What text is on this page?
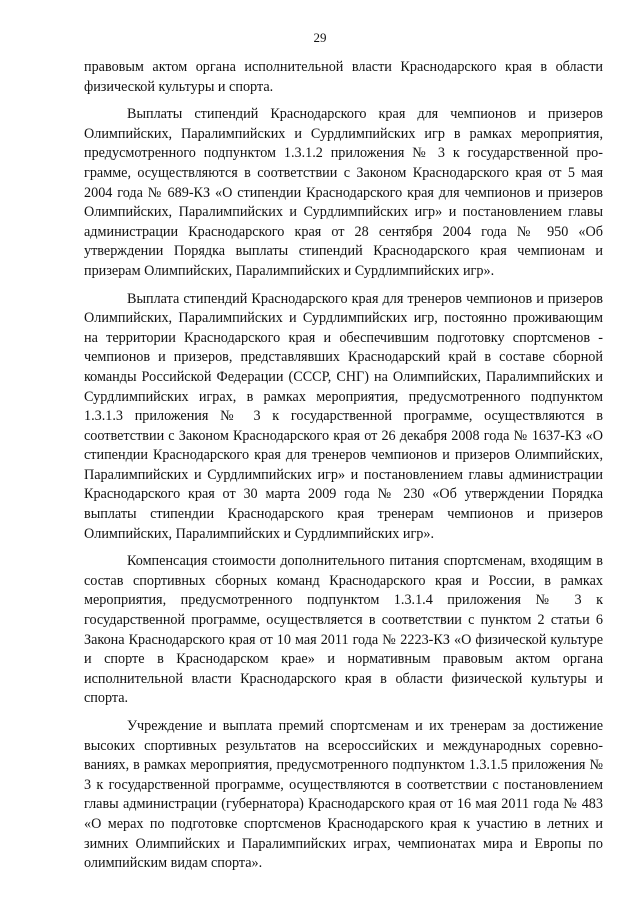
29

правовым актом органа исполнительной власти Краснодарского края в области физической культуры и спорта.

Выплаты стипендий Краснодарского края для чемпионов и призеров Олимпийских, Паралимпийских и Сурдлимпийских игр в рамках мероприятия, предусмотренного подпунктом 1.3.1.2 приложения № 3 к государственной программе, осуществляются в соответствии с Законом Краснодарского края от 5 мая 2004 года № 689-КЗ «О стипендии Краснодарского края для чемпионов и призеров Олимпийских, Паралимпийских и Сурдлимпийских игр» и постановлением главы администрации Краснодарского края от 28 сентября 2004 года № 950 «Об утверждении Порядка выплаты стипендий Краснодарского края чемпионам и призерам Олимпийских, Паралимпийских и Сурдлимпийских игр».

Выплата стипендий Краснодарского края для тренеров чемпионов и призеров Олимпийских, Паралимпийских и Сурдлимпийских игр, постоянно проживающим на территории Краснодарского края и обеспечившим подготовку спортсменов - чемпионов и призеров, представлявших Краснодарский край в составе сборной команды Российской Федерации (СССР, СНГ) на Олимпийских, Паралимпийских и Сурдлимпийских играх, в рамках мероприятия, предусмотренного подпунктом 1.3.1.3 приложения № 3 к государственной программе, осуществляются в соответствии с Законом Краснодарского края от 26 декабря 2008 года № 1637-КЗ «О стипендии Краснодарского края для тренеров чемпионов и призеров Олимпийских, Паралимпийских и Сурдлимпийских игр» и постановлением главы администрации Краснодарского края от 30 марта 2009 года № 230 «Об утверждении Порядка выплаты стипендии Краснодарского края тренерам чемпионов и призеров Олимпийских, Паралимпийских и Сурдлимпийских игр».

Компенсация стоимости дополнительного питания спортсменам, входящим в состав спортивных сборных команд Краснодарского края и России, в рамках мероприятия, предусмотренного подпунктом 1.3.1.4 приложения № 3 к государственной программе, осуществляется в соответствии с пунктом 2 статьи 6 Закона Краснодарского края от 10 мая 2011 года № 2223-КЗ «О физической культуре и спорте в Краснодарском крае» и нормативным правовым актом органа исполнительной власти Краснодарского края в области физической культуры и спорта.

Учреждение и выплата премий спортсменам и их тренерам за достижение высоких спортивных результатов на всероссийских и международных соревнованиях, в рамках мероприятия, предусмотренного подпунктом 1.3.1.5 приложения № 3 к государственной программе, осуществляются в соответствии с постановлением главы администрации (губернатора) Краснодарского края от 16 мая 2011 года № 483 «О мерах по подготовке спортсменов Краснодарского края к участию в летних и зимних Олимпийских и Паралимпийских играх, чемпионатах мира и Европы по олимпийским видам спорта».
